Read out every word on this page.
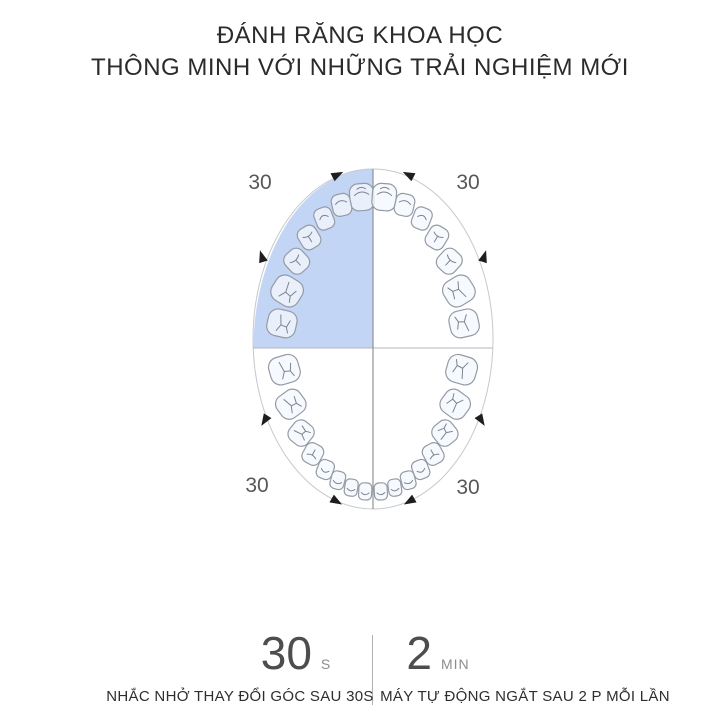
ĐÁNH RĂNG KHOA HỌC
THÔNG MINH VỚI NHỮNG TRẢI NGHIỆM MỚI
30	30
30	30
30 S 2 MIN
NHẮC NHỞ THAY ĐỔI GÓC SAU 30S MÁY TỰ ĐỘNG NGẮT SAU 2 P MỖI LẦN
